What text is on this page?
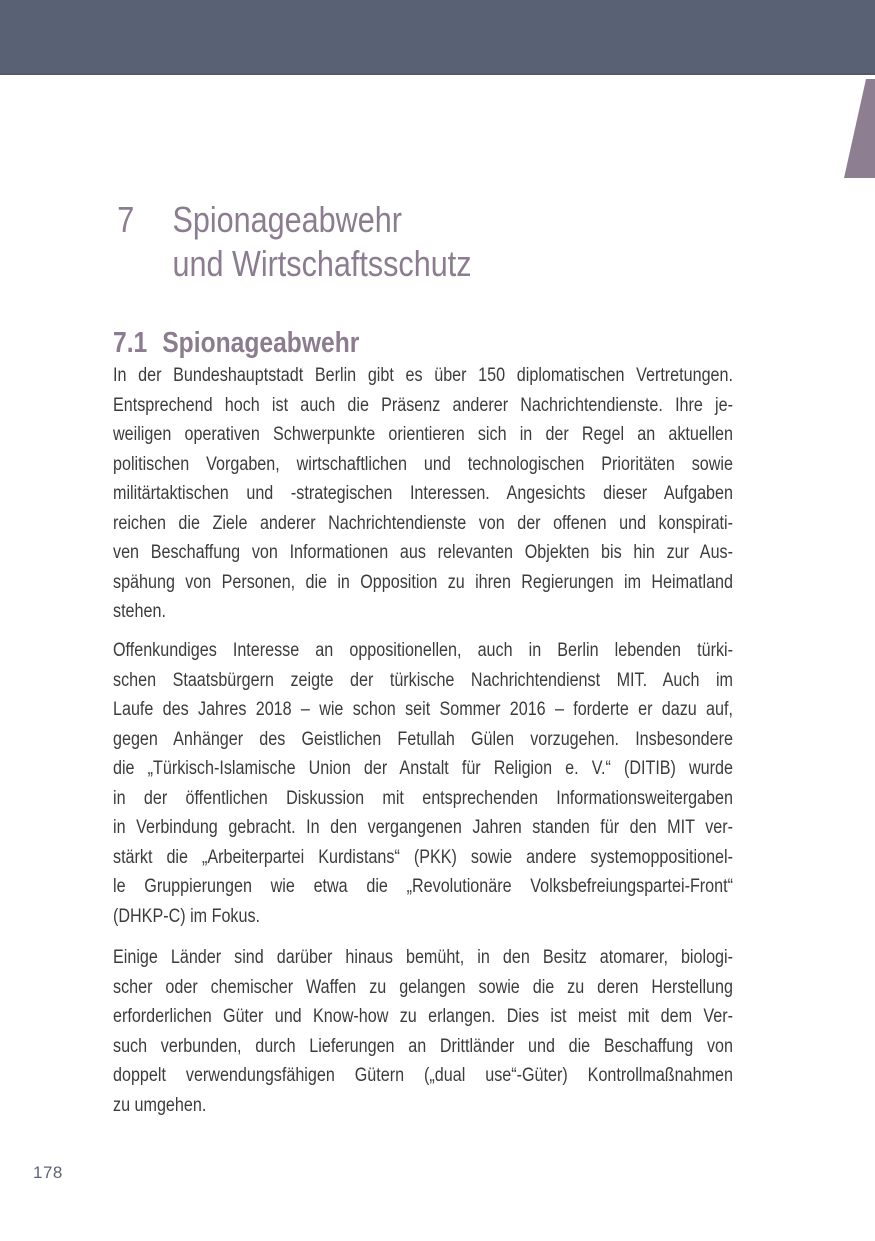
7	Spionageabwehr
und Wirtschaftsschutz
7.1 Spionageabwehr
In der Bundeshauptstadt Berlin gibt es über 150 diplomatischen Vertretungen.
Entsprechend hoch ist auch die Präsenz anderer Nachrichtendienste. Ihre je-
weiligen operativen Schwerpunkte orientieren sich in der Regel an aktuellen
politischen Vorgaben, wirtschaftlichen und technologischen Prioritäten sowie
militärtaktischen und -strategischen Interessen. Angesichts dieser Aufgaben
reichen die Ziele anderer Nachrichtendienste von der offenen und konspirati-
ven Beschaffung von Informationen aus relevanten Objekten bis hin zur Aus-
spähung von Personen, die in Opposition zu ihren Regierungen im Heimatland
stehen.
Offenkundiges Interesse an oppositionellen, auch in Berlin lebenden türki-
schen Staatsbürgern zeigte der türkische Nachrichtendienst MIT. Auch im
Laufe des Jahres 2018 – wie schon seit Sommer 2016 – forderte er dazu auf,
gegen Anhänger des Geistlichen Fetullah Gülen vorzugehen. Insbesondere
die „Türkisch-Islamische Union der Anstalt für Religion e. V.“ (DITIB) wurde
in der öffentlichen Diskussion mit entsprechenden Informationsweitergaben
in Verbindung gebracht. In den vergangenen Jahren standen für den MIT ver-
stärkt die „Arbeiterpartei Kurdistans“ (PKK) sowie andere systemoppositionel-
le Gruppierungen wie etwa die „Revolutionäre Volksbefreiungspartei-Front“
(DHKP-C) im Fokus.
Einige Länder sind darüber hinaus bemüht, in den Besitz atomarer, biologi-
scher oder chemischer Waffen zu gelangen sowie die zu deren Herstellung
erforderlichen Güter und Know-how zu erlangen. Dies ist meist mit dem Ver-
such verbunden, durch Lieferungen an Drittländer und die Beschaffung von
doppelt verwendungsfähigen Gütern („dual use“-Güter) Kontrollmaßnahmen
zu umgehen.
178
